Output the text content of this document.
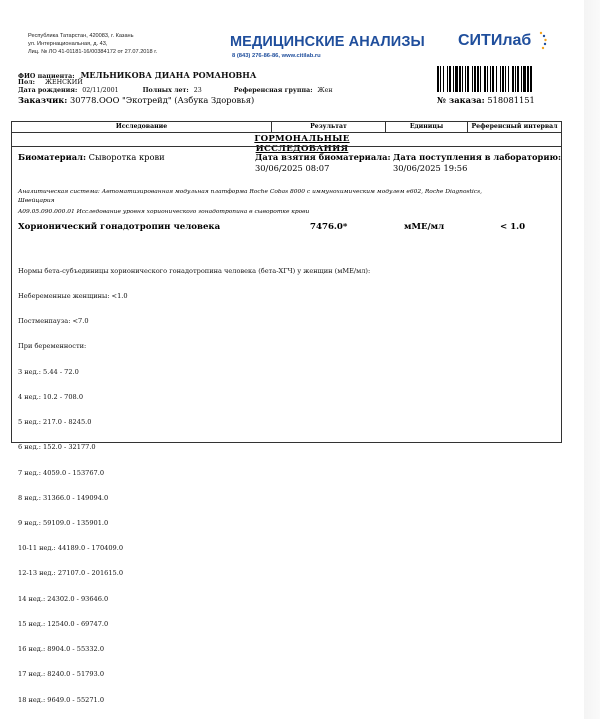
Республика Татарстан, 420083, г. Казань
ул. Интернациональная, д. 43,
Лиц. № ЛО 41-01181-16/00384172 от 27.07.2018 г.
МЕДИЦИНСКИЕ АНАЛИЗЫ
8 (843) 276-86-86, www.citilab.ru
СИТИлаб
ФИО пациента: МЕЛЬНИКОВА ДИАНА РОМАНОВНА
Пол: ЖЕНСКИЙ
Дата рождения: 02/11/2001	Полных лет: 23	Референсная группа: Жен
Заказчик: 30778.ООО "Экотрейд" (Азбука Здоровья)	№ заказа: 518081151
Исследование	Результат	Единицы	Референсный интервал
ГОРМОНАЛЬНЫЕ ИССЛЕДОВАНИЯ
Биоматериал: Сыворотка крови	Дата взятия биоматериала:
30/06/2025 08:07
Дата поступления в лабораторию:
30/06/2025 19:56
Аналитическая система: Автоматизированная модульная платформа Roche Cobas 8000 с иммунохимическим модулем e602, Roche Diagnostics,
Швейцария
A09.05.090.000.01 Исследование уровня хорионического гонадотропина в сыворотке крови
Хорионический гонадотропин человека	7476.0*	мМЕ/мл	< 1.0

Нормы бета-субъединицы хорионического гонадотропина человека (бета-ХГЧ) у женщин (мМЕ/мл):

Небеременные женщины: <1.0

Постменпауза: <7.0

При беременности:

3 нед.: 5.44 - 72.0

4 нед.: 10.2 - 708.0

5 нед.: 217.0 - 8245.0

6 нед.: 152.0 - 32177.0

7 нед.: 4059.0 - 153767.0

8 нед.: 31366.0 - 149094.0

9 нед.: 59109.0 - 135901.0

10-11 нед.: 44189.0 - 170409.0

12-13 нед.: 27107.0 - 201615.0

14 нед.: 24302.0 - 93646.0

15 нед.: 12540.0 - 69747.0

16 нед.: 8904.0 - 55332.0

17 нед.: 8240.0 - 51793.0

18 нед.: 9649.0 - 55271.0
